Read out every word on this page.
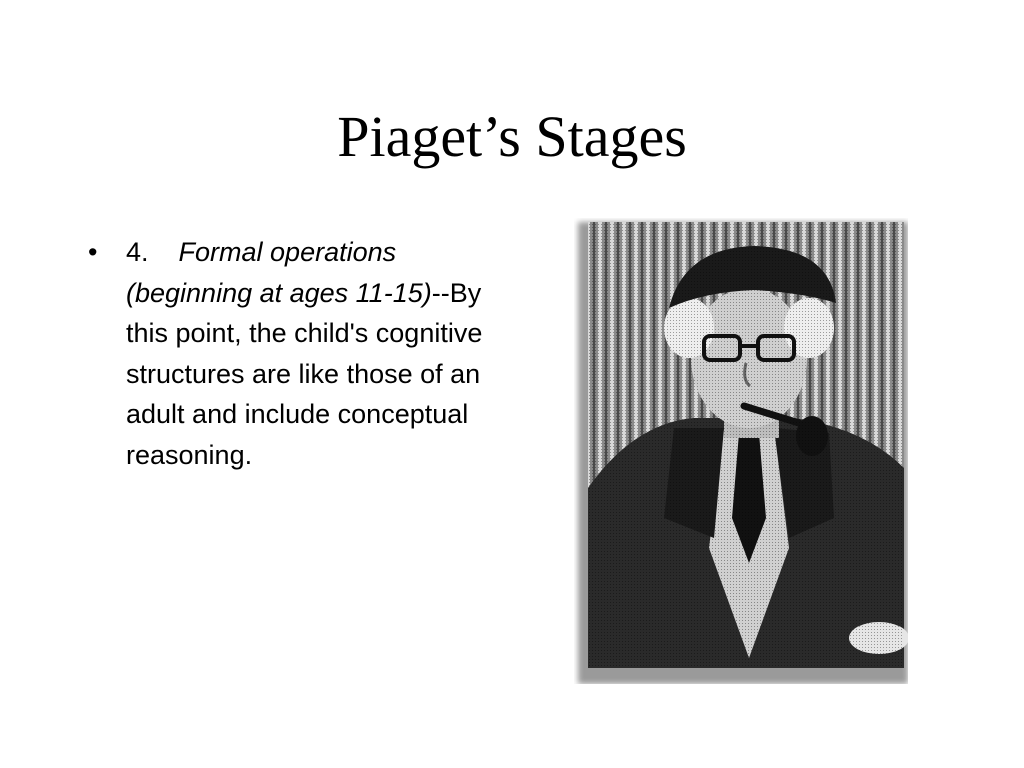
Piaget’s Stages
• 4. Formal operations (beginning at ages 11-15)--By this point, the child's cognitive structures are like those of an adult and include conceptual reasoning.
